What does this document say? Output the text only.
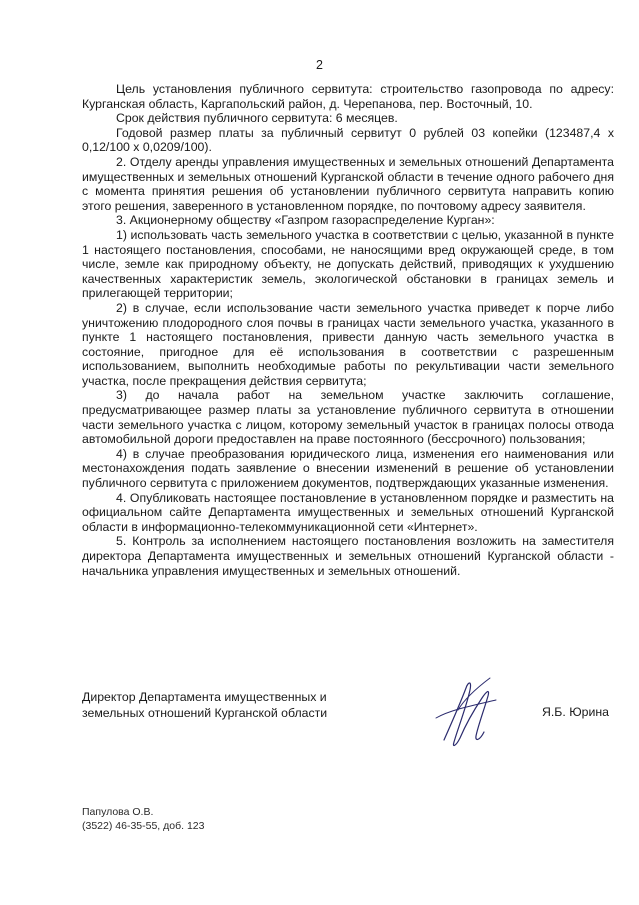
2

Цель установления публичного сервитута: строительство газопровода по адресу: Курганская область, Каргапольский район, д. Черепанова, пер. Восточный, 10.

Срок действия публичного сервитута: 6 месяцев.

Годовой размер платы за публичный сервитут 0 рублей 03 копейки (123487,4 х 0,12/100 х 0,0209/100).

2. Отделу аренды управления имущественных и земельных отношений Департамента имущественных и земельных отношений Курганской области в течение одного рабочего дня с момента принятия решения об установлении публичного сервитута направить копию этого решения, заверенного в установленном порядке, по почтовому адресу заявителя.

3. Акционерному обществу «Газпром газораспределение Курган»:

1) использовать часть земельного участка в соответствии с целью, указанной в пункте 1 настоящего постановления, способами, не наносящими вред окружающей среде, в том числе, земле как природному объекту, не допускать действий, приводящих к ухудшению качественных характеристик земель, экологической обстановки в границах земель и прилегающей территории;

2) в случае, если использование части земельного участка приведет к порче либо уничтожению плодородного слоя почвы в границах части земельного участка, указанного в пункте 1 настоящего постановления, привести данную часть земельного участка в состояние, пригодное для её использования в соответствии с разрешенным использованием, выполнить необходимые работы по рекультивации части земельного участка, после прекращения действия сервитута;

3) до начала работ на земельном участке заключить соглашение, предусматривающее размер платы за установление публичного сервитута в отношении части земельного участка с лицом, которому земельный участок в границах полосы отвода автомобильной дороги предоставлен на праве постоянного (бессрочного) пользования;

4) в случае преобразования юридического лица, изменения его наименования или местонахождения подать заявление о внесении изменений в решение об установлении публичного сервитута с приложением документов, подтверждающих указанные изменения.

4. Опубликовать настоящее постановление в установленном порядке и разместить на официальном сайте Департамента имущественных и земельных отношений Курганской области в информационно-телекоммуникационной сети «Интернет».

5. Контроль за исполнением настоящего постановления возложить на заместителя директора Департамента имущественных и земельных отношений Курганской области - начальника управления имущественных и земельных отношений.

Директор Департамента имущественных и
земельных отношений Курганской области	Я.Б. Юрина
Папулова О.В.
(3522) 46-35-55, доб. 123
